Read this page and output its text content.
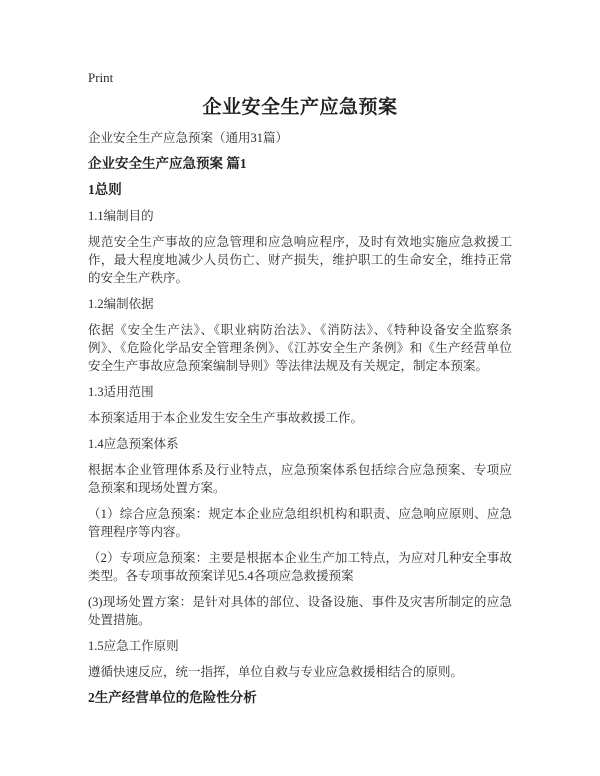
Print
企业安全生产应急预案
企业安全生产应急预案（通用31篇）
企业安全生产应急预案 篇1
1总则
1.1编制目的

规范安全生产事故的应急管理和应急响应程序，及时有效地实施应急救援工作，最大程度地减少人员伤亡、财产损失，维护职工的生命安全，维持正常的安全生产秩序。

1.2编制依据

依据《安全生产法》、《职业病防治法》、《消防法》、《特种设备安全监察条例》、《危险化学品安全管理条例》、《江苏安全生产条例》和《生产经营单位安全生产事故应急预案编制导则》等法律法规及有关规定，制定本预案。

1.3适用范围

本预案适用于本企业发生安全生产事故救援工作。

1.4应急预案体系

根据本企业管理体系及行业特点，应急预案体系包括综合应急预案、专项应急预案和现场处置方案。

（1）综合应急预案：规定本企业应急组织机构和职责、应急响应原则、应急管理程序等内容。

（2）专项应急预案：主要是根据本企业生产加工特点，为应对几种安全事故类型。各专项事故预案详见5.4各项应急救援预案

(3)现场处置方案：是针对具体的部位、设备设施、事件及灾害所制定的应急处置措施。

1.5应急工作原则

遵循快速反应，统一指挥，单位自救与专业应急救援相结合的原则。

2生产经营单位的危险性分析
